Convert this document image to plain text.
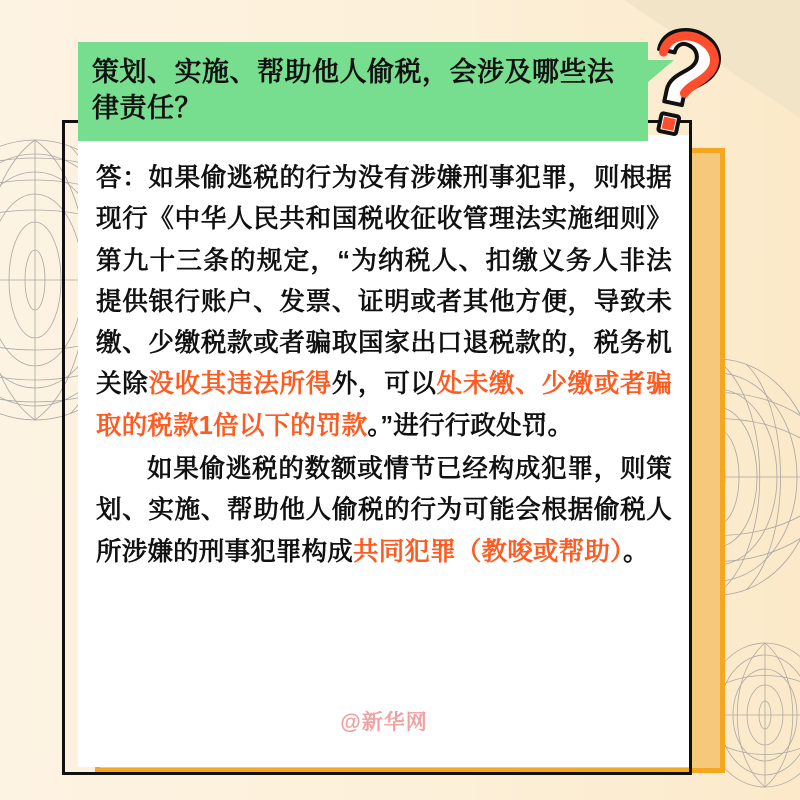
答：如果偷逃税的行为没有涉嫌刑事犯罪，则根据现行《中华人民共和国税收征收管理法实施细则》第九十三条的规定，“为纳税人、扣缴义务人非法提供银行账户、发票、证明或者其他方便，导致未缴、少缴税款或者骗取国家出口退税款的，税务机关除没收其违法所得外，可以处未缴、少缴或者骗取的税款1倍以下的罚款。”进行行政处罚。

如果偷逃税的数额或情节已经构成犯罪，则策划、实施、帮助他人偷税的行为可能会根据偷税人所涉嫌的刑事犯罪构成共同犯罪（教唆或帮助）。

@新华网
策划、实施、帮助他人偷税，会涉及哪些法律责任？
